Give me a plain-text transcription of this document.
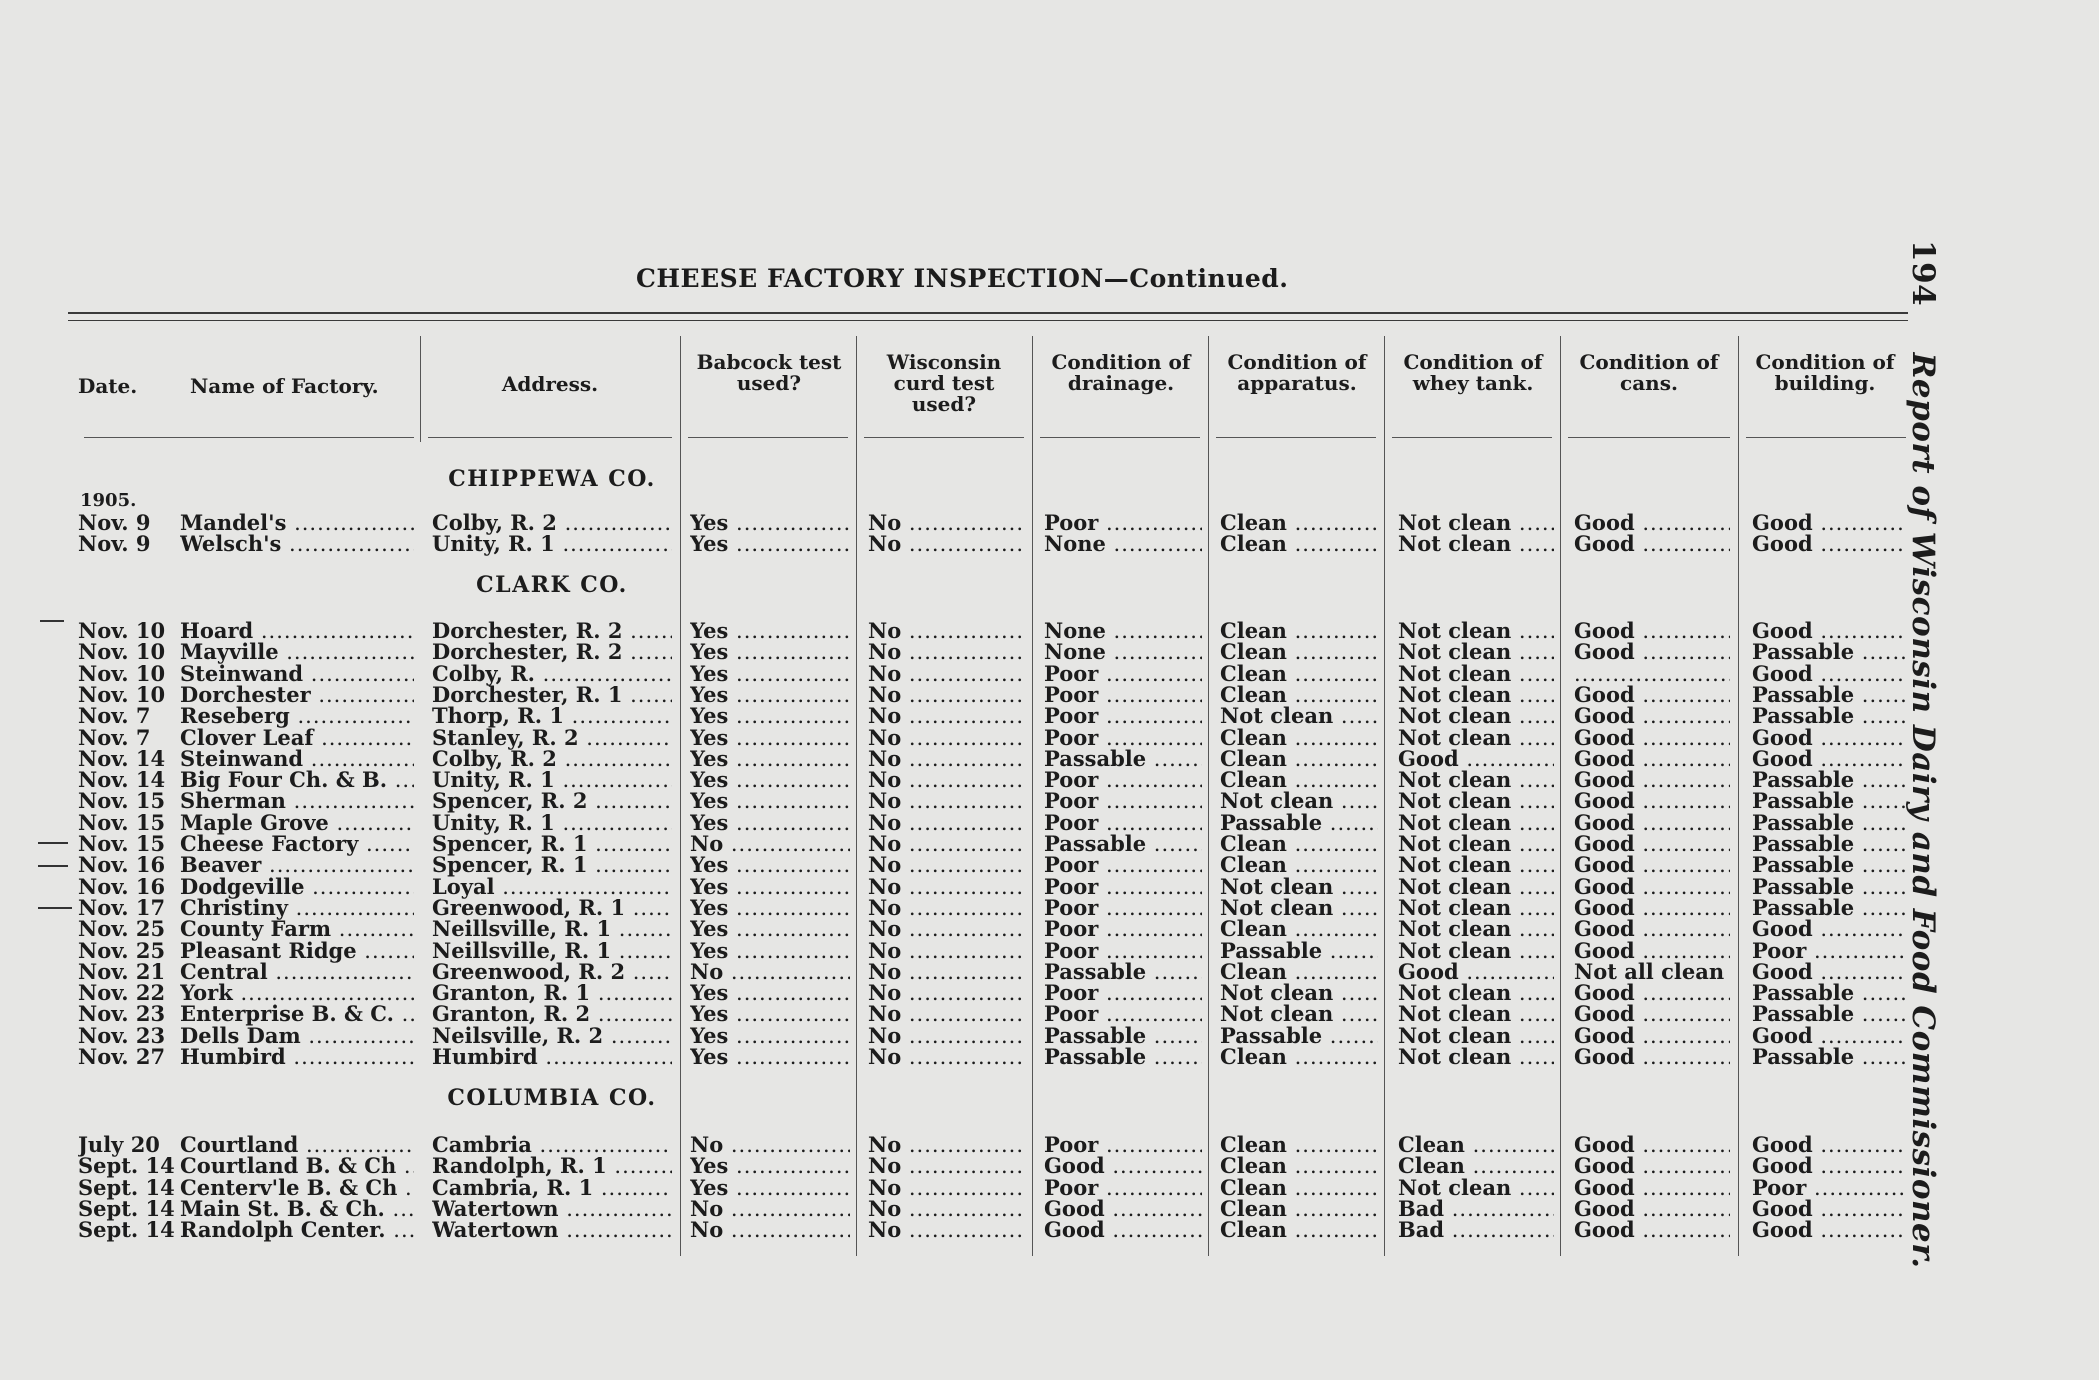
CHEESE FACTORY INSPECTION—Continued.	194 Report of Wisconsin Dairy and Food Commissioner.
Date.	Name of Factory.	Address.
Babcock test used?
Wisconsin curd test used?
Condition of drainage.
Condition of apparatus.
Condition of whey tank.
Condition of cans.
Condition of building.
1905.
CHIPPEWA CO.
Nov. 9	Mandel's .....	Colby, R. 2 .....	Yes .....	No .....	Poor .....	Clean .....	Not clean .....	Good .....	Good .....
Nov. 9	Welsch's .....	Unity, R. 1 .....	Yes .....	No .....	None .....	Clean .....	Not clean .....	Good .....	Good .....
CLARK CO.
Nov. 10 Hoard .....	Dorchester, R. 2 .....	Yes .....	No .....	None .....	Clean .....	Not clean .....	Good .....	Good .....
Nov. 10 Mayville .....	Dorchester, R. 2 .....	Yes .....	No .....	None .....	Clean .....	Not clean .....	Good .....	Passable .....
Nov. 10 Steinwand .....	Colby, R. .....	Yes .....	No .....	Poor .....	Clean .....	Not clean .....
.....	Good .....
Nov. 10 Dorchester .....	Dorchester, R. 1 .....	Yes .....	No .....	Poor .....	Clean .....	Not clean .....	Good .....	Passable .....
Nov. 7	Reseberg .....	Thorp, R. 1 .....	Yes .....	No .....	Poor .....	Not clean .....	Not clean .....	Good .....	Passable .....
Nov. 7	Clover Leaf .....	Stanley, R. 2 .....	Yes .....	No .....	Poor .....	Clean .....	Not clean .....	Good .....	Good .....
Nov. 14 Steinwand .....	Colby, R. 2 .....	Yes .....	No .....	Passable .....	Clean .....	Good .....	Good .....	Good .....
Nov. 14 Big Four Ch. & B. .....	Unity, R. 1 .....	Yes .....	No .....	Poor .....	Clean .....	Not clean .....	Good .....	Passable .....
Nov. 15 Sherman .....	Spencer, R. 2 .....	Yes .....	No .....	Poor .....	Not clean .....	Not clean .....	Good .....	Passable .....
Nov. 15 Maple Grove .....	Unity, R. 1 .....	Yes .....	No .....	Poor .....	Passable .....	Not clean .....	Good .....	Passable .....
Nov. 15 Cheese Factory .....	Spencer, R. 1 .....	No .....	No .....	Passable .....	Clean .....	Not clean .....	Good .....	Passable .....
Nov. 16 Beaver .....	Spencer, R. 1 .....	Yes .....	No .....	Poor .....	Clean .....	Not clean .....	Good .....	Passable .....
Nov. 16 Dodgeville .....	Loyal .....	Yes .....	No .....	Poor .....	Not clean .....	Not clean .....	Good .....	Passable .....
Nov. 17 Christiny .....	Greenwood, R. 1 .....	Yes .....	No .....	Poor .....	Not clean .....	Not clean .....	Good .....	Passable .....
Nov. 25 County Farm .....	Neillsville, R. 1 .....	Yes .....	No .....	Poor .....	Clean .....	Not clean .....	Good .....	Good .....
Nov. 25 Pleasant Ridge .....	Neillsville, R. 1 .....	Yes .....	No .....	Poor .....	Passable .....	Not clean .....	Good .....	Poor .....
Nov. 21 Central .....	Greenwood, R. 2 .....	No .....	No .....	Passable .....	Clean .....	Good .....	Not all clean ..... Good .....
Nov. 22 York .....	Granton, R. 1 .....	Yes .....	No .....	Poor .....	Not clean .....	Not clean .....	Good .....	Passable .....
Nov. 23 Enterprise B. & C. .....	Granton, R. 2 .....	Yes .....	No .....	Poor .....	Not clean .....	Not clean .....	Good .....	Passable .....
Nov. 23 Dells Dam .....	Neilsville, R. 2 .....	Yes .....	No .....	Passable .....	Passable .....	Not clean .....	Good .....	Good .....
Nov. 27 Humbird .....	Humbird .....	Yes .....	No .....	Passable .....	Clean .....	Not clean .....	Good .....	Passable .....
COLUMBIA CO.
July 20 Courtland .....	Cambria .....	No .....	No .....	Poor .....	Clean .....	Clean .....	Good .....	Good .....
Sept. 14 Courtland B. & Ch .....	Randolph, R. 1 .....	Yes .....	No .....	Good .....	Clean .....	Clean .....	Good .....	Good .....
Sept. 14 Centerv'le B. & Ch .....	Cambria, R. 1 .....	Yes .....	No .....	Poor .....	Clean .....	Not clean .....	Good .....	Poor .....
Sept. 14 Main St. B. & Ch. .....	Watertown .....	No .....	No .....	Good .....	Clean .....	Bad .....	Good .....	Good .....
Sept. 14 Randolph Center. .....	Watertown .....	No .....	No .....	Good .....	Clean .....	Bad .....	Good .....	Good .....
